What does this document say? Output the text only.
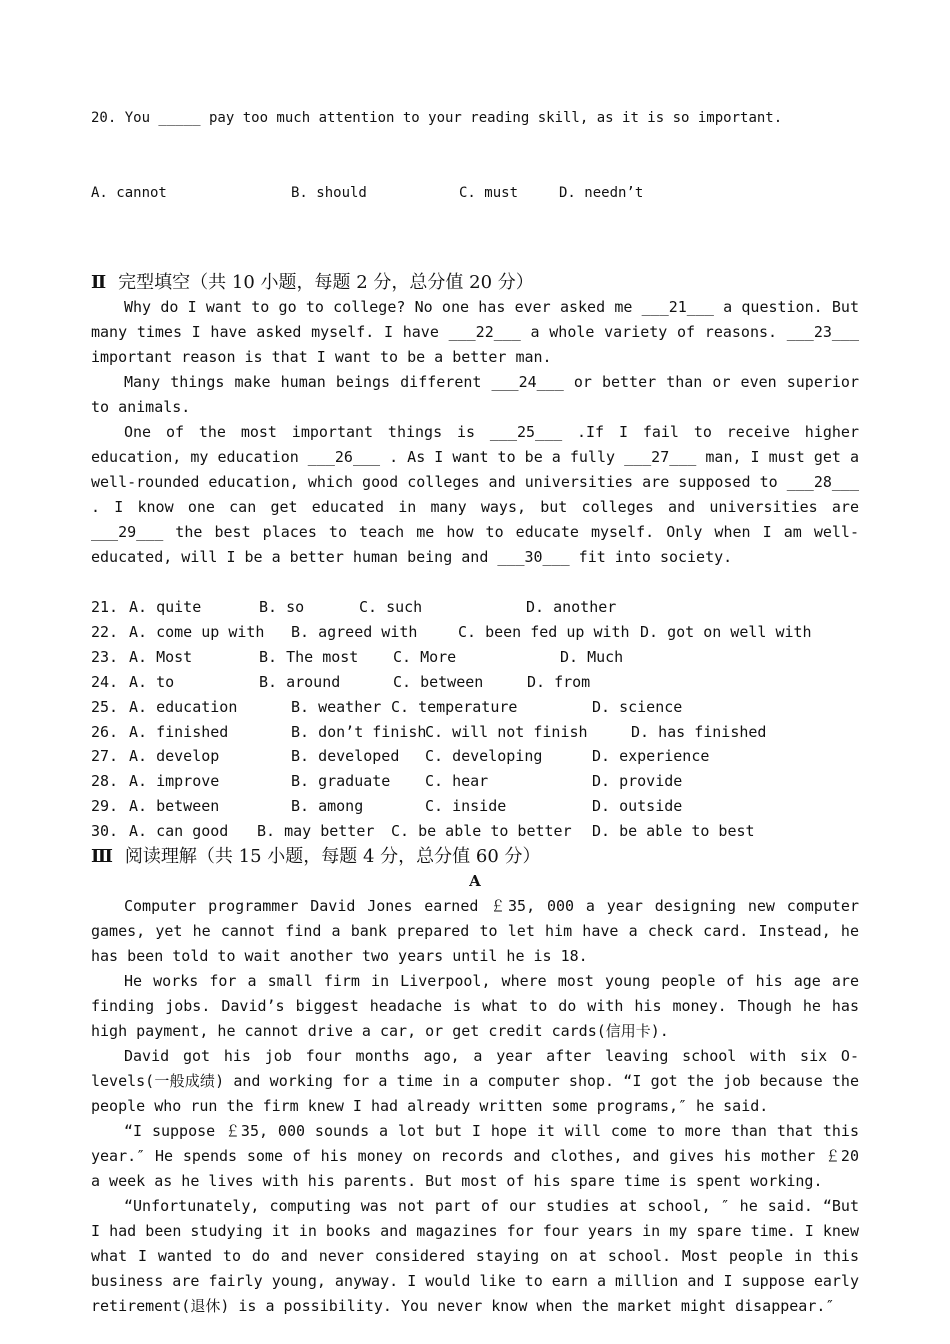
20. You _____ pay too much attention to your reading skill, as it is so important.

A. cannot	B. should	C. must	D. needn’t

Ⅱ 完型填空（共 10 小题，每题 2 分，总分值 20 分）

Why do I want to go to college? No one has ever asked me ___21___ a question. But many times I have asked myself. I have ___22___ a whole variety of reasons. ___23___ important reason is that I want to be a better man.

Many things make human beings different ___24___ or better than or even superior to animals.

One of the most important things is ___25___ .If I fail to receive higher education, my education ___26___ . As I want to be a fully ___27___ man, I must get a well-rounded education, which good colleges and universities are supposed to ___28___ . I know one can get educated in many ways, but colleges and universities are ___29___ the best places to teach me how to educate myself. Only when I am well-educated, will I be a better human being and ___30___ fit into society.

21. A. quite	B. so	C. such	D. another
22. A. come up with	B. agreed with	C. been fed up with D. got on well with
23. A. Most	B. The most	C. More	D. Much
24. A. to	B. around	C. between	D. from
25. A. education	B. weather C. temperature	D. science
26. A. finished	B. don’t finish
C. will not finish	D. has finished
27. A. develop	B. developed	C. developing	D. experience
28. A. improve	B. graduate	C. hear	D. provide
29. A. between	B. among	C. inside	D. outside
30. A. can good	B. may better	C. be able to better	D. be able to best
Ⅲ 阅读理解（共 15 小题，每题 4 分，总分值 60 分）
A

Computer programmer David Jones earned ￡35, 000 a year designing new computer games, yet he cannot find a bank prepared to let him have a check card. Instead, he has been told to wait another two years until he is 18.

He works for a small firm in Liverpool, where most young people of his age are finding jobs. David’s biggest headache is what to do with his money. Though he has high payment, he cannot drive a car, or get credit cards(信用卡).

David got his job four months ago, a year after leaving school with six O-levels(一般成绩) and working for a time in a computer shop. “I got the job because the people who run the firm knew I had already written some programs,″ he said.

“I suppose ￡35, 000 sounds a lot but I hope it will come to more than that this year.″ He spends some of his money on records and clothes, and gives his mother ￡20 a week as he lives with his parents. But most of his spare time is spent working.

“Unfortunately, computing was not part of our studies at school, ″ he said. “But I had been studying it in books and magazines for four years in my spare time. I knew what I wanted to do and never considered staying on at school. Most people in this business are fairly young, anyway. I would like to earn a million and I suppose early retirement(退休) is a possibility. You never know when the market might disappear.″
